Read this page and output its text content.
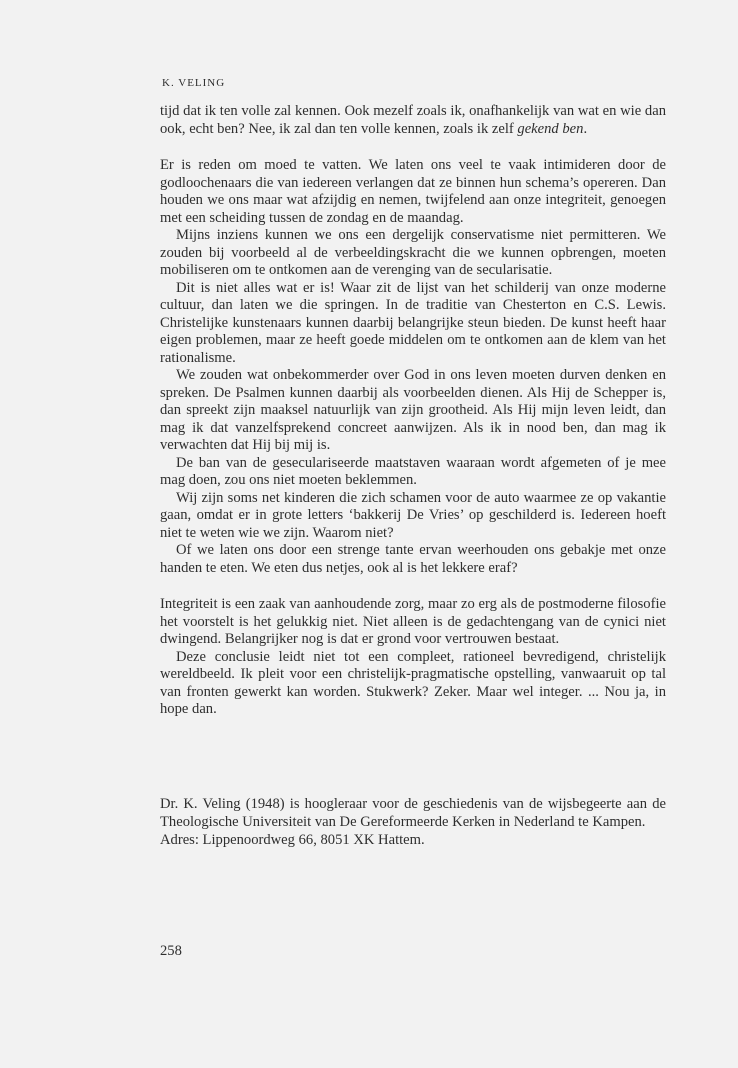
K. VELING

tijd dat ik ten volle zal kennen. Ook mezelf zoals ik, onafhankelijk van wat en wie dan ook, echt ben? Nee, ik zal dan ten volle kennen, zoals ik zelf gekend ben.

Er is reden om moed te vatten. We laten ons veel te vaak intimideren door de godloochenaars die van iedereen verlangen dat ze binnen hun schema’s opereren. Dan houden we ons maar wat afzijdig en nemen, twijfelend aan onze integriteit, genoegen met een scheiding tussen de zondag en de maandag.

Mijns inziens kunnen we ons een dergelijk conservatisme niet permitteren. We zouden bij voorbeeld al de verbeeldingskracht die we kunnen opbrengen, moeten mobiliseren om te ontkomen aan de verenging van de secularisatie.

Dit is niet alles wat er is! Waar zit de lijst van het schilderij van onze moderne cultuur, dan laten we die springen. In de traditie van Chesterton en C.S. Lewis. Christelijke kunstenaars kunnen daarbij belangrijke steun bieden. De kunst heeft haar eigen problemen, maar ze heeft goede middelen om te ontkomen aan de klem van het rationalisme.

We zouden wat onbekommerder over God in ons leven moeten durven denken en spreken. De Psalmen kunnen daarbij als voorbeelden dienen. Als Hij de Schepper is, dan spreekt zijn maaksel natuurlijk van zijn grootheid. Als Hij mijn leven leidt, dan mag ik dat vanzelfsprekend concreet aanwijzen. Als ik in nood ben, dan mag ik verwachten dat Hij bij mij is.

De ban van de geseculariseerde maatstaven waaraan wordt afgemeten of je mee mag doen, zou ons niet moeten beklemmen.

Wij zijn soms net kinderen die zich schamen voor de auto waarmee ze op vakantie gaan, omdat er in grote letters ‘bakkerij De Vries’ op geschilderd is. Iedereen hoeft niet te weten wie we zijn. Waarom niet?

Of we laten ons door een strenge tante ervan weerhouden ons gebakje met onze handen te eten. We eten dus netjes, ook al is het lekkere eraf?

Integriteit is een zaak van aanhoudende zorg, maar zo erg als de postmoderne filosofie het voorstelt is het gelukkig niet. Niet alleen is de gedachtengang van de cynici niet dwingend. Belangrijker nog is dat er grond voor vertrouwen bestaat.

Deze conclusie leidt niet tot een compleet, rationeel bevredigend, christelijk wereldbeeld. Ik pleit voor een christelijk-pragmatische opstelling, vanwaaruit op tal van fronten gewerkt kan worden. Stukwerk? Zeker. Maar wel integer. ... Nou ja, in hope dan.

Dr. K. Veling (1948) is hoogleraar voor de geschiedenis van de wijsbegeerte aan de Theologische Universiteit van De Gereformeerde Kerken in Nederland te Kampen.

Adres: Lippenoordweg 66, 8051 XK Hattem.

258
